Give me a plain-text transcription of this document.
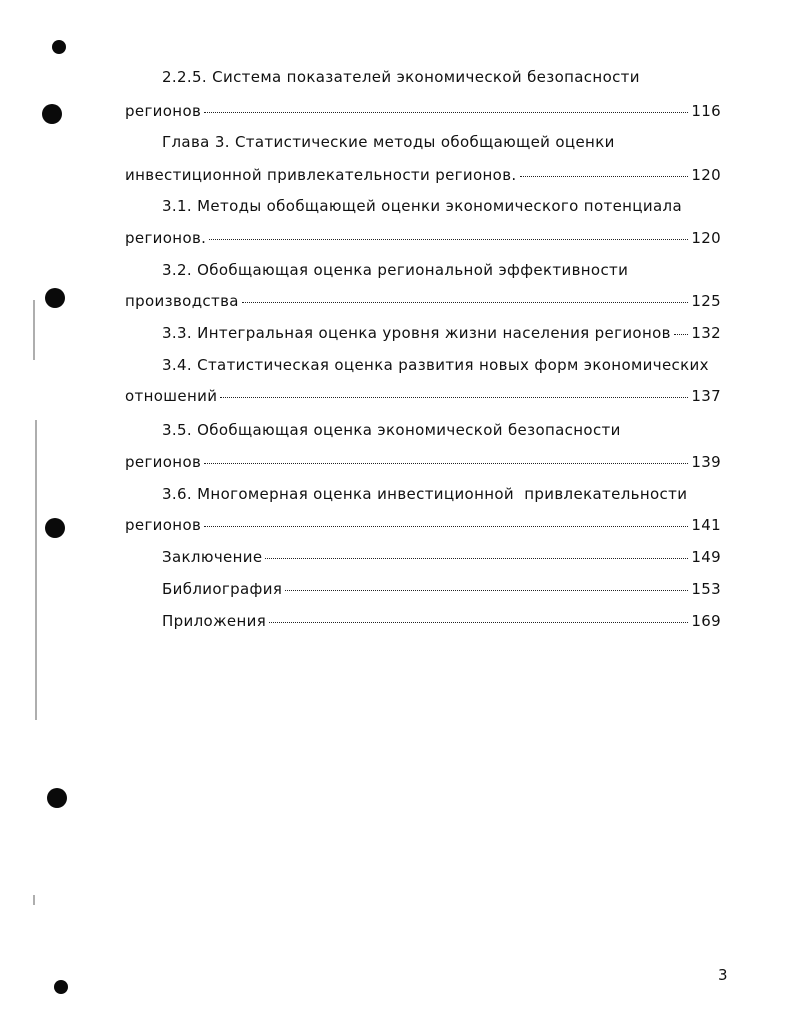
2.2.5. Система показателей экономической безопасности
регионов	116
Глава 3. Статистические методы обобщающей оценки
инвестиционной привлекательности регионов.	120
3.1. Методы обобщающей оценки экономического потенциала
регионов.	120
3.2. Обобщающая оценка региональной эффективности
производства	125
3.3. Интегральная оценка уровня жизни населения регионов 132
3.4. Статистическая оценка развития новых форм экономических
отношений	137
3.5. Обобщающая оценка экономической безопасности
регионов	139
3.6. Многомерная оценка инвестиционной  привлекательности
регионов	141
Заключение	149
Библиография	153
Приложения	169
3
